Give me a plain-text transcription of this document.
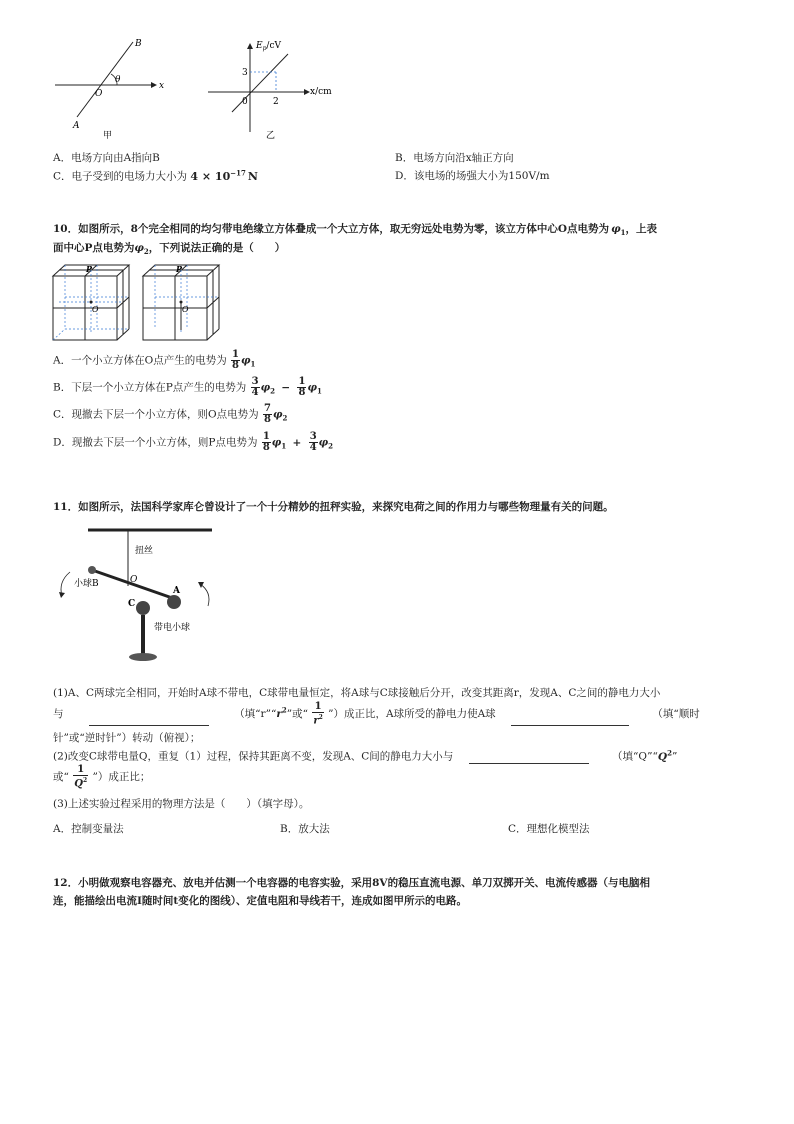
B
θ
x
O
A
甲
$E_p/cV$
x/cm
3
0	2
乙
A．电场方向由A指向B	B．电场方向沿x轴正方向
C．电子受到的电场力大小为 $4 \times 10^{-17}$ N	D．该电场的场强大小为150V/m
10．如图所示，8个完全相同的均匀带电绝缘立方体叠成一个大立方体，取无穷远处电势为零，该立方体中心O点电势为 $\varphi_1$，上表
面中心P点电势为$\varphi_2$，下列说法正确的是（　　）
P
O
P
O
A．一个小立方体在O点产生的电势为 $\frac{1}{8} \varphi_1$
B．下层一个小立方体在P点产生的电势为 $\frac{3}{4} \varphi_2 - \frac{1}{8} \varphi_1$
C．现撤去下层一个小立方体，则O点电势为 $\frac{7}{8} \varphi_2$
D．现撤去下层一个小立方体，则P点电势为 $\frac{1}{8} \varphi_1 + \frac{3}{4} \varphi_2$
11．如图所示，法国科学家库仑曾设计了一个十分精妙的扭秤实验，来探究电荷之间的作用力与哪些物理量有关的问题。
扭丝
O
小球B
A
C
带电小球
(1)A、C两球完全相同，开始时A球不带电，C球带电量恒定，将A球与C球接触后分开，改变其距离r，发现A、C之间的静电力大小
与	（填“$r”“r^2$”或“ $\frac{1}{r^2}$ ”）成正比，A球所受的静电力使A球	（填“顺时
针”或“逆时针”）转动（俯视）；
(2)改变C球带电量Q，重复（1）过程，保持其距离不变，发现A、C间的静电力大小与	（填“$Q”“Q^2$”
或“ $\frac{1}{Q^2}$ ”）成正比；
(3)上述实验过程采用的物理方法是（　　）（填字母）。
A．控制变量法	B．放大法	C．理想化模型法
12．小明做观察电容器充、放电并估测一个电容器的电容实验，采用8V的稳压直流电源、单刀双掷开关、电流传感器（与电脑相
连，能描绘出电流I随时间t变化的图线）、定值电阻和导线若干，连成如图甲所示的电路。
